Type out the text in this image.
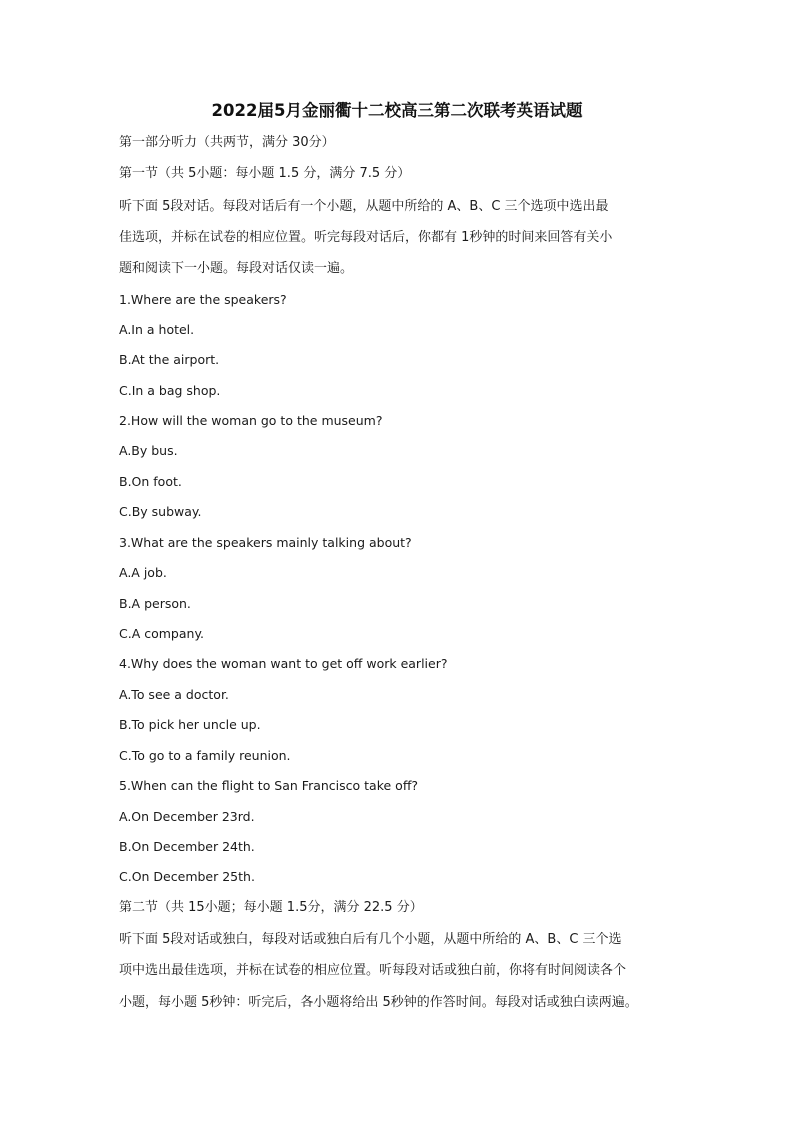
2022届5月金丽衢十二校高三第二次联考英语试题
第一部分听力（共两节，满分 30分）
第一节（共 5小题：每小题 1.5 分，满分 7.5 分）
听下面 5段对话。每段对话后有一个小题，从题中所给的 A、B、C 三个选项中选出最
佳选项，并标在试卷的相应位置。听完每段对话后，你都有 1秒钟的时间来回答有关小
题和阅读下一小题。每段对话仅读一遍。
1.Where are the speakers?
A.In a hotel.
B.At the airport.
C.In a bag shop.
2.How will the woman go to the museum?
A.By bus.
B.On foot.
C.By subway.
3.What are the speakers mainly talking about?
A.A job.
B.A person.
C.A company.
4.Why does the woman want to get off work earlier?
A.To see a doctor.
B.To pick her uncle up.
C.To go to a family reunion.
5.When can the flight to San Francisco take off?
A.On December 23rd.
B.On December 24th.
C.On December 25th.
第二节（共 15小题；每小题 1.5分，满分 22.5 分）
听下面 5段对话或独白，每段对话或独白后有几个小题，从题中所给的 A、B、C 三个选
项中选出最佳选项，并标在试卷的相应位置。听每段对话或独白前，你将有时间阅读各个
小题，每小题 5秒钟：听完后，各小题将给出 5秒钟的作答时间。每段对话或独白读两遍。
